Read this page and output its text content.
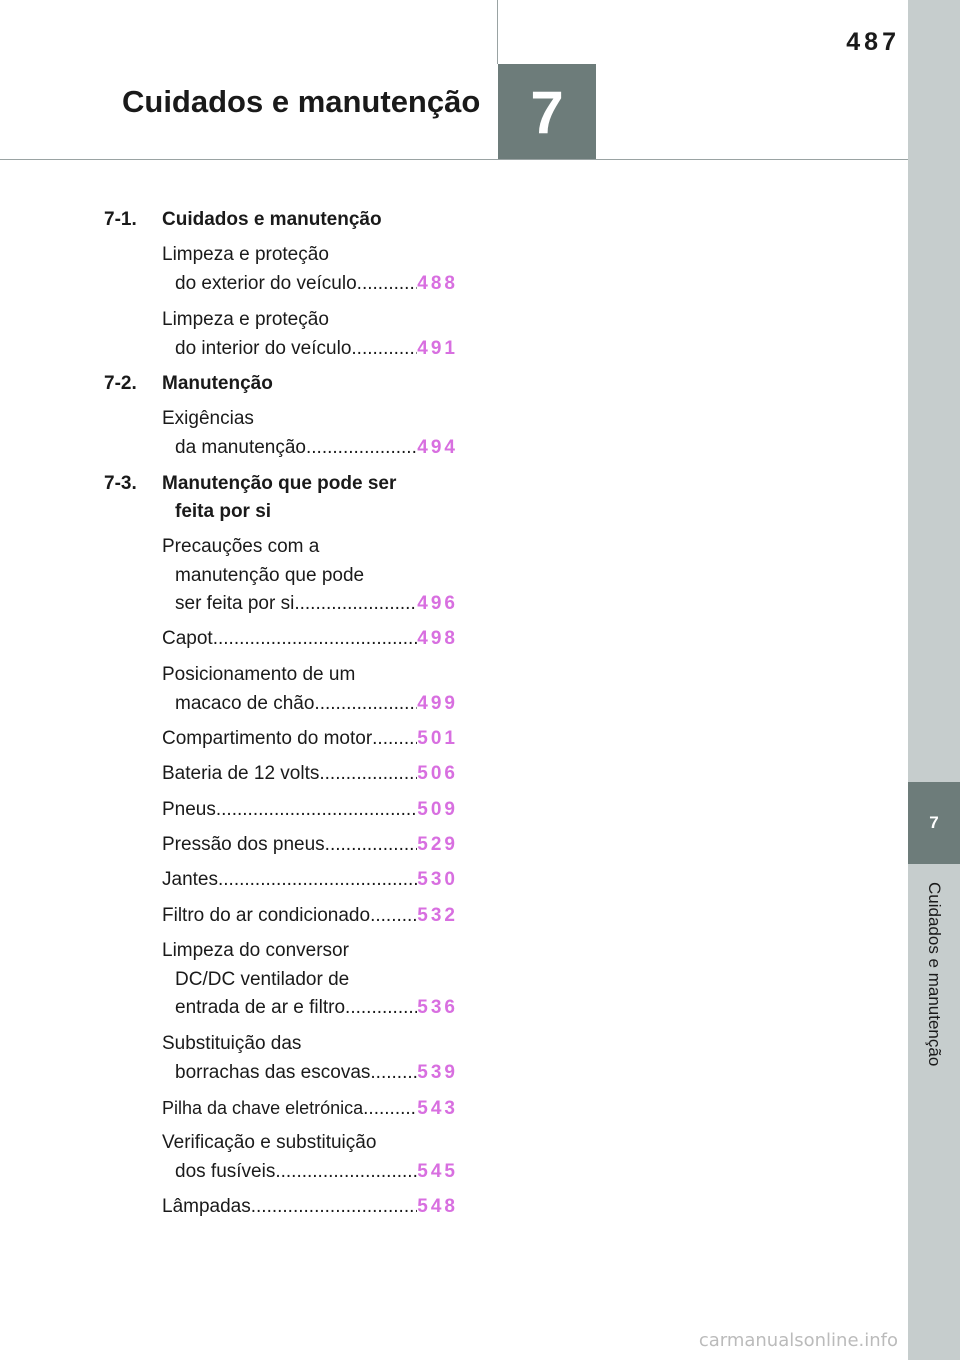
Cuidados e manutenção
487
7
7
Cuidados e manutenção
7-1. Cuidados e manutenção
Limpeza e proteção
do exterior do veículo .....	488
Limpeza e proteção
do interior do veículo .....	491
7-2. Manutenção
Exigências
da manutenção .....	494
7-3. Manutenção que pode ser
feita por si
Precauções com a
manutenção que pode
ser feita por si .....	496
Capot .....	498
Posicionamento de um
macaco de chão .....	499
Compartimento do motor ..... 501
Bateria de 12 volts .....	506
Pneus .....	509
Pressão dos pneus .....	529
Jantes .....	530
Filtro do ar condicionado ..... 532
Limpeza do conversor
DC/DC ventilador de
entrada de ar e filtro .....	536
Substituição das
borrachas das escovas ..... 539
Pilha da chave eletrónica .....	543
Verificação e substituição
dos fusíveis .....	545
Lâmpadas .....	548
carmanualsonline.info
